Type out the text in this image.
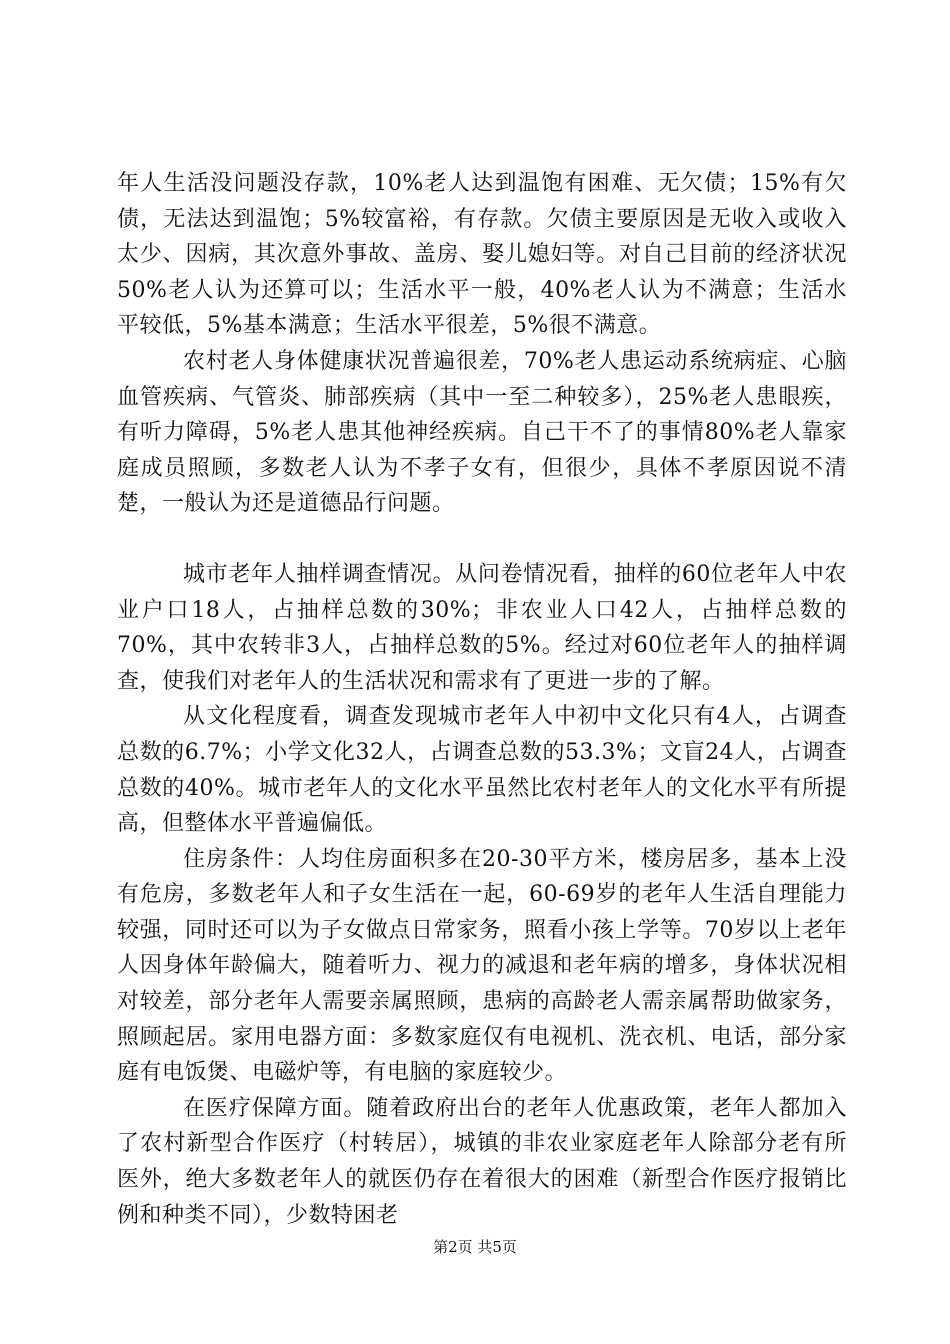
年人生活没问题没存款，10%老人达到温饱有困难、无欠债；15%有欠债，无法达到温饱；5%较富裕，有存款。欠债主要原因是无收入或收入太少、因病，其次意外事故、盖房、娶儿媳妇等。对自己目前的经济状况50%老人认为还算可以；生活水平一般，40%老人认为不满意；生活水平较低，5%基本满意；生活水平很差，5%很不满意。

农村老人身体健康状况普遍很差，70%老人患运动系统病症、心脑血管疾病、气管炎、肺部疾病（其中一至二种较多），25%老人患眼疾，有听力障碍，5%老人患其他神经疾病。自己干不了的事情80%老人靠家庭成员照顾，多数老人认为不孝子女有，但很少，具体不孝原因说不清楚，一般认为还是道德品行问题。

城市老年人抽样调查情况。从问卷情况看，抽样的60位老年人中农业户口18人，占抽样总数的30%；非农业人口42人，占抽样总数的70%，其中农转非3人，占抽样总数的5%。经过对60位老年人的抽样调查，使我们对老年人的生活状况和需求有了更进一步的了解。

从文化程度看，调查发现城市老年人中初中文化只有4人，占调查总数的6.7%；小学文化32人，占调查总数的53.3%；文盲24人，占调查总数的40%。城市老年人的文化水平虽然比农村老年人的文化水平有所提高，但整体水平普遍偏低。

住房条件：人均住房面积多在20-30平方米，楼房居多，基本上没有危房，多数老年人和子女生活在一起，60-69岁的老年人生活自理能力较强，同时还可以为子女做点日常家务，照看小孩上学等。70岁以上老年人因身体年龄偏大，随着听力、视力的减退和老年病的增多，身体状况相对较差，部分老年人需要亲属照顾，患病的高龄老人需亲属帮助做家务，照顾起居。家用电器方面：多数家庭仅有电视机、洗衣机、电话，部分家庭有电饭煲、电磁炉等，有电脑的家庭较少。

在医疗保障方面。随着政府出台的老年人优惠政策，老年人都加入了农村新型合作医疗（村转居），城镇的非农业家庭老年人除部分老有所医外，绝大多数老年人的就医仍存在着很大的困难（新型合作医疗报销比例和种类不同），少数特困老

第2页 共5页
